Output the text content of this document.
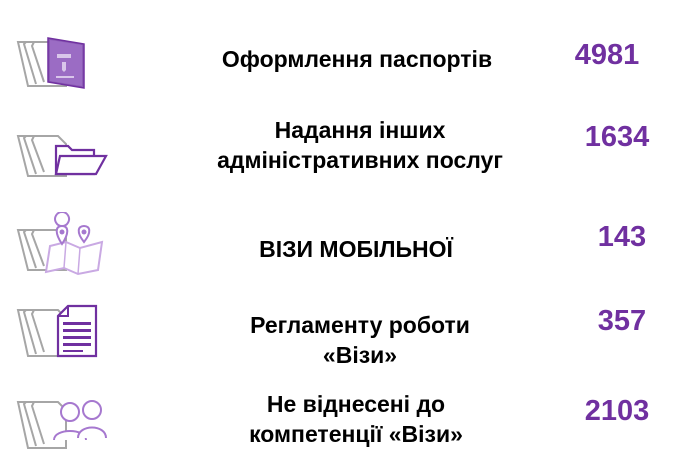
Оформлення паспортів	4981
Надання інших
адміністративних послуг
1634
ВІЗИ МОБІЛЬНОЇ	143
Регламенту роботи
«Візи»
357
Не віднесені до
компетенції «Візи»
2103
